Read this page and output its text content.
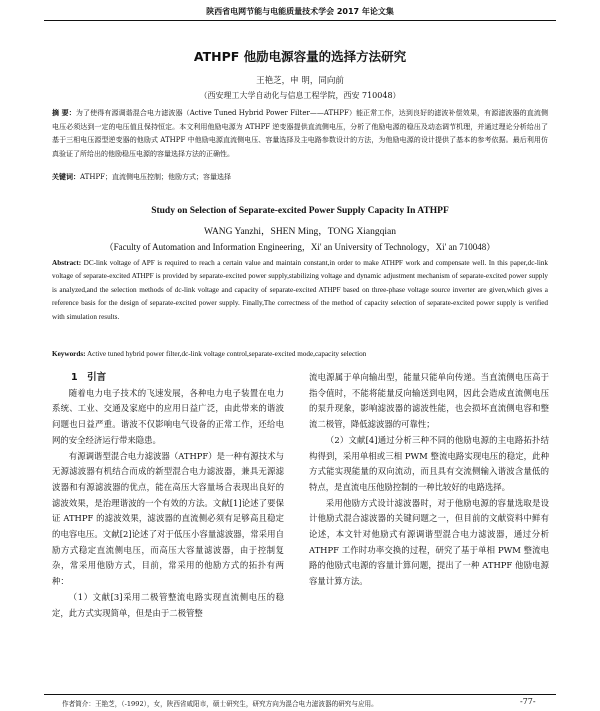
陕西省电网节能与电能质量技术学会 2017 年论文集
ATHPF 他励电源容量的选择方法研究
王艳芝，申 明，同向前
（西安理工大学自动化与信息工程学院，西安 710048）
摘 要：为了使得有源调谐混合电力滤波器（Active Tuned Hybrid Power Filter——ATHPF）能正常工作，达到良好的滤波补偿效果，有源滤波器的直流侧电压必须达到一定的电压值且保持恒定。本文利用他励电源为 ATHPF 逆变器提供直流侧电压，分析了他励电源的稳压及动态调节机理，并通过理论分析给出了基于三相电压源型逆变器的他励式 ATHPF 中他励电源直流侧电压、容量选择及主电路参数设计的方法，为他励电源的设计提供了基本的参考依据。最后利用仿真验证了所给出的他励稳压电源的容量选择方法的正确性。
关键词：ATHPF；直流侧电压控制；他励方式；容量选择
Study on Selection of Separate-excited Power Supply Capacity In ATHPF
WANG Yanzhi，SHEN Ming，TONG Xiangqian
（Faculty of Automation and Information Engineering，Xi' an University of Technology，Xi' an 710048）
Abstract: DC-link voltage of APF is required to reach a certain value and maintain constant,in order to make ATHPF work and compensate well. In this paper,dc-link voltage of separate-excited ATHPF is provided by separate-excited power supply,stabilizing voltage and dynamic adjustment mechanism of separate-excited power supply is analyzed,and the selection methods of dc-link voltage and capacity of separate-excited ATHPF based on three-phase voltage source inverter are given,which gives a reference basis for the design of separate-excited power supply. Finally,The correctness of the method of capacity selection of separate-excited power supply is verified with simulation results.
Keywords: Active tuned hybrid power filter,dc-link voltage control,separate-excited mode,capacity selection

1　引言

随着电力电子技术的飞速发展，各种电力电子装置在电力系统、工业、交通及家庭中的应用日益广泛，由此带来的谐波问题也日益严重。谐波不仅影响电气设备的正常工作，还给电网的安全经济运行带来隐患。

有源调谐型混合电力滤波器（ATHPF）是一种有源技术与无源滤波器有机结合而成的新型混合电力滤波器，兼具无源滤波器和有源滤波器的优点，能在高压大容量场合表现出良好的滤波效果，是治理谐波的一个有效的方法。文献[1]论述了要保证 ATHPF 的滤波效果，滤波器的直流侧必须有足够高且稳定的电容电压。文献[2]论述了对于低压小容量滤波器，常采用自励方式稳定直流侧电压，而高压大容量滤波器，由于控制复杂，常采用他励方式，目前，常采用的他励方式的拓扑有两种：

（1）文献[3]采用二极管整流电路实现直流侧电压的稳定，此方式实现简单，但是由于二极管整

流电源属于单向输出型，能量只能单向传递。当直流侧电压高于指令值时，不能将能量反向输送到电网，因此会造成直流侧电压的泵升现象，影响滤波器的滤波性能，也会损坏直流侧电容和整流二极管，降低滤波器的可靠性；

（2）文献[4]通过分析三种不同的他励电源的主电路拓扑结构得到，采用单相或三相 PWM 整流电路实现电压的稳定，此种方式能实现能量的双向流动，而且具有交流侧输入谐波含量低的特点，是直流电压他励控制的一种比较好的电路选择。

采用他励方式设计滤波器时，对于他励电源的容量选取是设计他励式混合滤波器的关键问题之一，但目前的文献资料中鲜有论述，本文针对他励式有源调谐型混合电力滤波器，通过分析 ATHPF 工作时功率交换的过程，研究了基于单相 PWM 整流电路的他励式电源的容量计算问题，提出了一种 ATHPF 他励电源容量计算方法。

作者简介：王艳芝，（-1992），女，陕西省咸阳市，硕士研究生，研究方向为混合电力滤波器的研究与应用。	-77-
